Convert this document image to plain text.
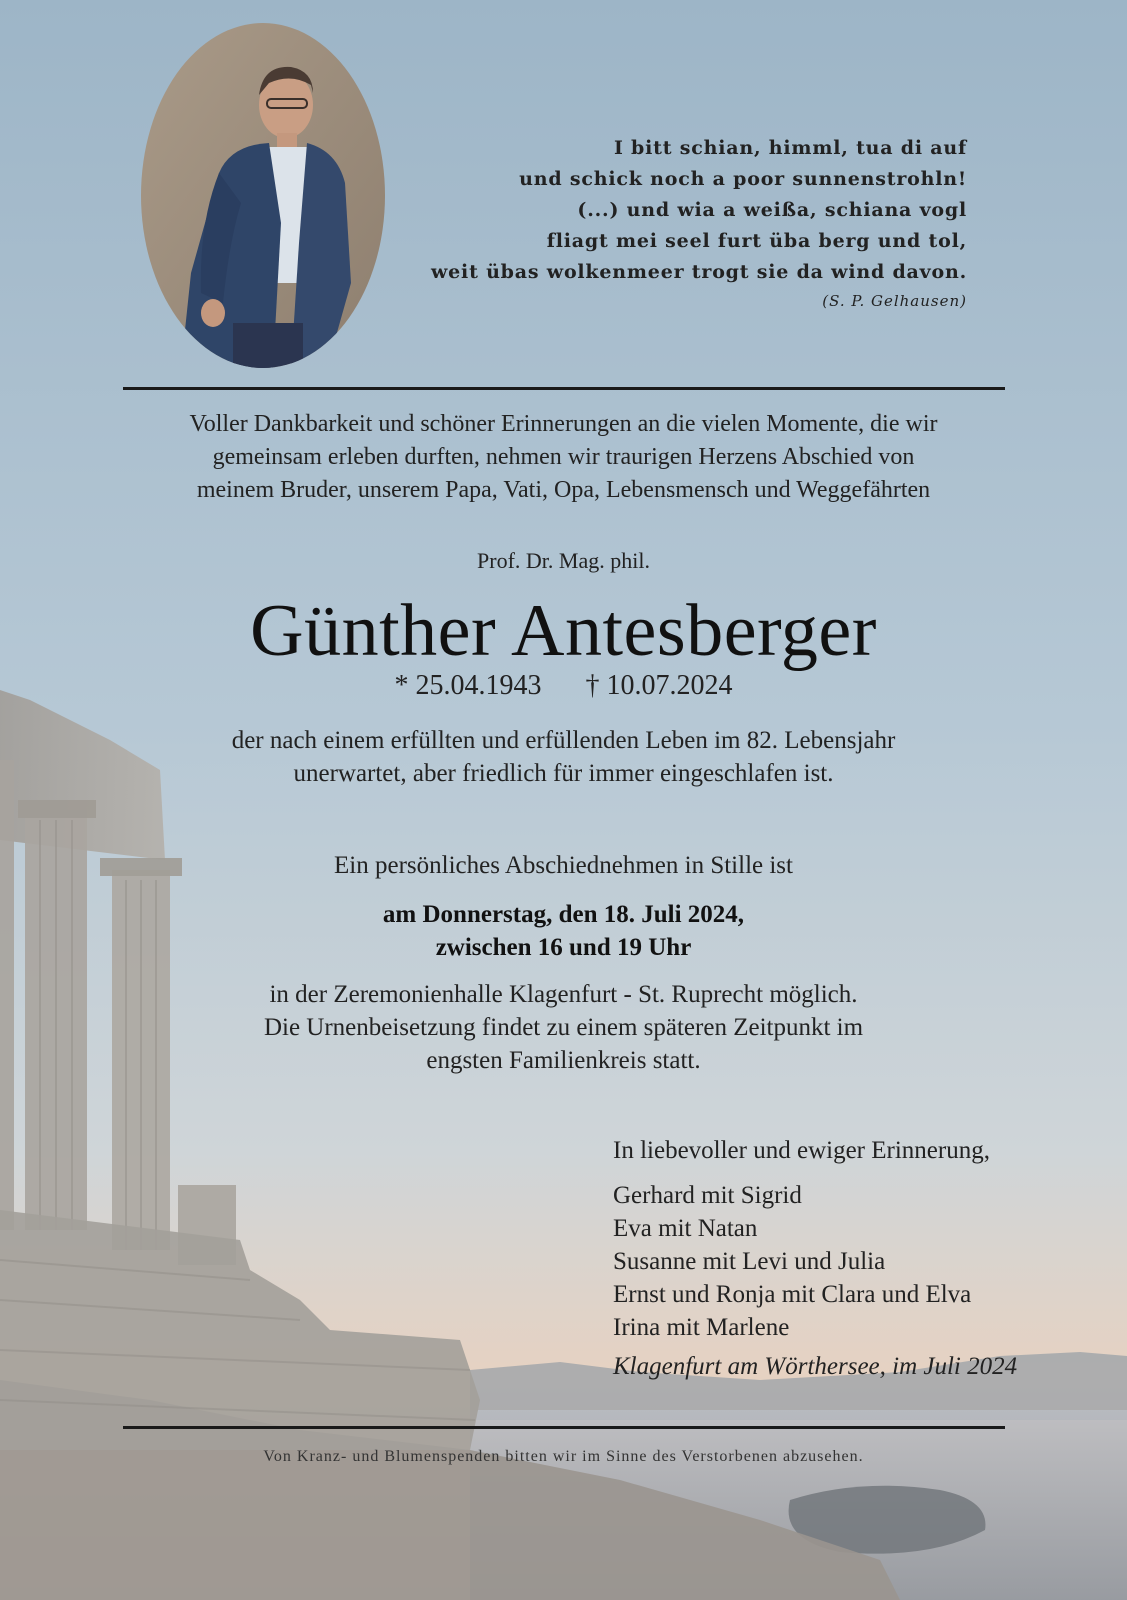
I bitt schian, himml, tua di auf
und schick noch a poor sunnenstrohln!
(...) und wia a weißa, schiana vogl
fliagt mei seel furt üba berg und tol,
weit übas wolkenmeer trogt sie da wind davon.
(S. P. Gelhausen)
Voller Dankbarkeit und schöner Erinnerungen an die vielen Momente, die wir
gemeinsam erleben durften, nehmen wir traurigen Herzens Abschied von
meinem Bruder, unserem Papa, Vati, Opa, Lebensmensch und Weggefährten
Prof. Dr. Mag. phil.
Günther Antesberger
* 25.04.1943 † 10.07.2024
der nach einem erfüllten und erfüllenden Leben im 82. Lebensjahr
unerwartet, aber friedlich für immer eingeschlafen ist.
Ein persönliches Abschiednehmen in Stille ist
am Donnerstag, den 18. Juli 2024,
zwischen 16 und 19 Uhr
in der Zeremonienhalle Klagenfurt - St. Ruprecht möglich.
Die Urnenbeisetzung findet zu einem späteren Zeitpunkt im
engsten Familienkreis statt.
In liebevoller und ewiger Erinnerung,
Gerhard mit Sigrid
Eva mit Natan
Susanne mit Levi und Julia
Ernst und Ronja mit Clara und Elva
Irina mit Marlene
Klagenfurt am Wörthersee, im Juli 2024
Von Kranz- und Blumenspenden bitten wir im Sinne des Verstorbenen abzusehen.
